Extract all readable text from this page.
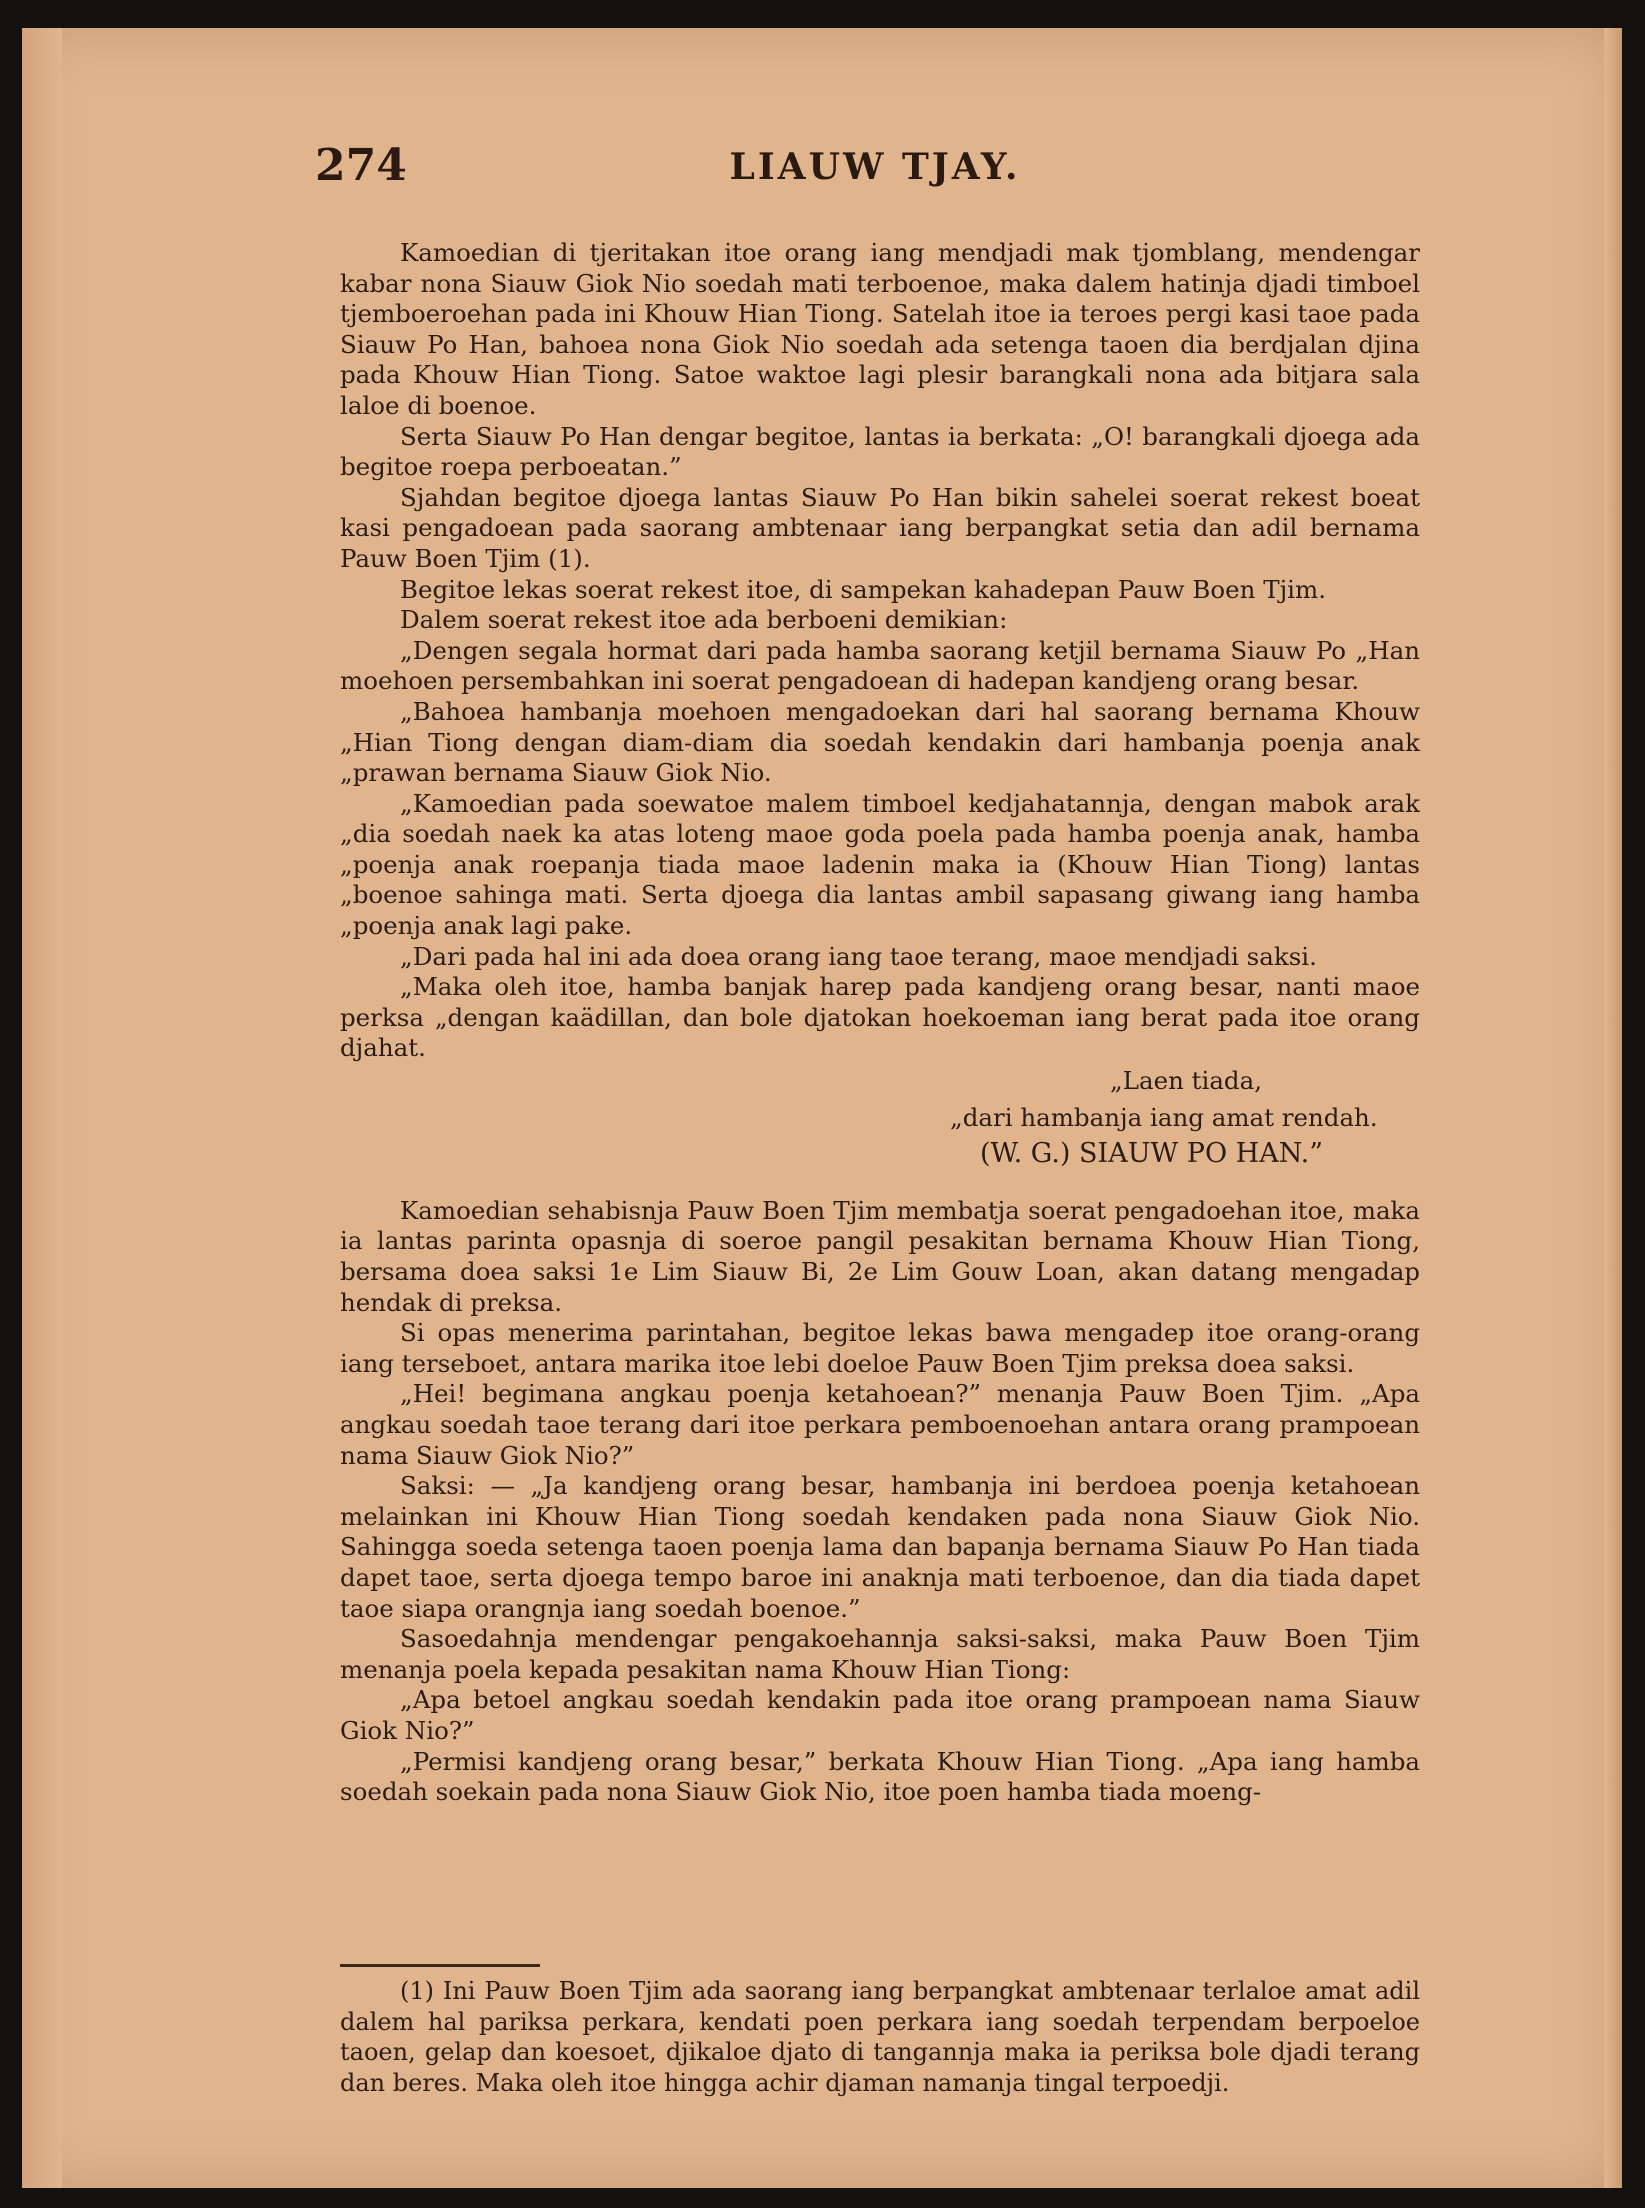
274	LIAUW TJAY.

Kamoedian di tjeritakan itoe orang iang mendjadi mak tjomblang, mendengar kabar nona Siauw Giok Nio soedah mati terboenoe, maka dalem hatinja djadi timboel tjemboeroehan pada ini Khouw Hian Tiong. Satelah itoe ia teroes pergi kasi taoe pada Siauw Po Han, bahoea nona Giok Nio soedah ada setenga taoen dia berdjalan djina pada Khouw Hian Tiong. Satoe waktoe lagi plesir barangkali nona ada bitjara sala laloe di boenoe.

Serta Siauw Po Han dengar begitoe, lantas ia berkata: „O! barangkali djoega ada begitoe roepa perboeatan.”

Sjahdan begitoe djoega lantas Siauw Po Han bikin sahelei soerat rekest boeat kasi pengadoean pada saorang ambtenaar iang berpangkat setia dan adil bernama Pauw Boen Tjim (1).

Begitoe lekas soerat rekest itoe, di sampekan kahadepan Pauw Boen Tjim.

Dalem soerat rekest itoe ada berboeni demikian:

„Dengen segala hormat dari pada hamba saorang ketjil bernama Siauw Po „Han moehoen persembahkan ini soerat pengadoean di hadepan kandjeng orang besar.

„Bahoea hambanja moehoen mengadoekan dari hal saorang bernama Khouw „Hian Tiong dengan diam-diam dia soedah kendakin dari hambanja poenja anak „prawan bernama Siauw Giok Nio.

„Kamoedian pada soewatoe malem timboel kedjahatannja, dengan mabok arak „dia soedah naek ka atas loteng maoe goda poela pada hamba poenja anak, hamba „poenja anak roepanja tiada maoe ladenin maka ia (Khouw Hian Tiong) lantas „boenoe sahinga mati. Serta djoega dia lantas ambil sapasang giwang iang hamba „poenja anak lagi pake.

„Dari pada hal ini ada doea orang iang taoe terang, maoe mendjadi saksi.

„Maka oleh itoe, hamba banjak harep pada kandjeng orang besar, nanti maoe perksa „dengan kaädillan, dan bole djatokan hoekoeman iang berat pada itoe orang djahat.

„Laen tiada,

„dari hambanja iang amat rendah.

(W. G.) SIAUW PO HAN.”

Kamoedian sehabisnja Pauw Boen Tjim membatja soerat pengadoehan itoe, maka ia lantas parinta opasnja di soeroe pangil pesakitan bernama Khouw Hian Tiong, bersama doea saksi 1e Lim Siauw Bi, 2e Lim Gouw Loan, akan datang mengadap hendak di preksa.

Si opas menerima parintahan, begitoe lekas bawa mengadep itoe orang-orang iang terseboet, antara marika itoe lebi doeloe Pauw Boen Tjim preksa doea saksi.

„Hei! begimana angkau poenja ketahoean?” menanja Pauw Boen Tjim. „Apa angkau soedah taoe terang dari itoe perkara pemboenoehan antara orang prampoean nama Siauw Giok Nio?”

Saksi: — „Ja kandjeng orang besar, hambanja ini berdoea poenja ketahoean melainkan ini Khouw Hian Tiong soedah kendaken pada nona Siauw Giok Nio. Sahingga soeda setenga taoen poenja lama dan bapanja bernama Siauw Po Han tiada dapet taoe, serta djoega tempo baroe ini anaknja mati terboenoe, dan dia tiada dapet taoe siapa orangnja iang soedah boenoe.”

Sasoedahnja mendengar pengakoehannja saksi-saksi, maka Pauw Boen Tjim menanja poela kepada pesakitan nama Khouw Hian Tiong:

„Apa betoel angkau soedah kendakin pada itoe orang prampoean nama Siauw Giok Nio?”

„Permisi kandjeng orang besar,” berkata Khouw Hian Tiong. „Apa iang hamba soedah soekain pada nona Siauw Giok Nio, itoe poen hamba tiada moeng-

(1) Ini Pauw Boen Tjim ada saorang iang berpangkat ambtenaar terlaloe amat adil dalem hal pariksa perkara, kendati poen perkara iang soedah terpendam berpoeloe taoen, gelap dan koesoet, djikaloe djato di tangannja maka ia periksa bole djadi terang dan beres. Maka oleh itoe hingga achir djaman namanja tingal terpoedji.
